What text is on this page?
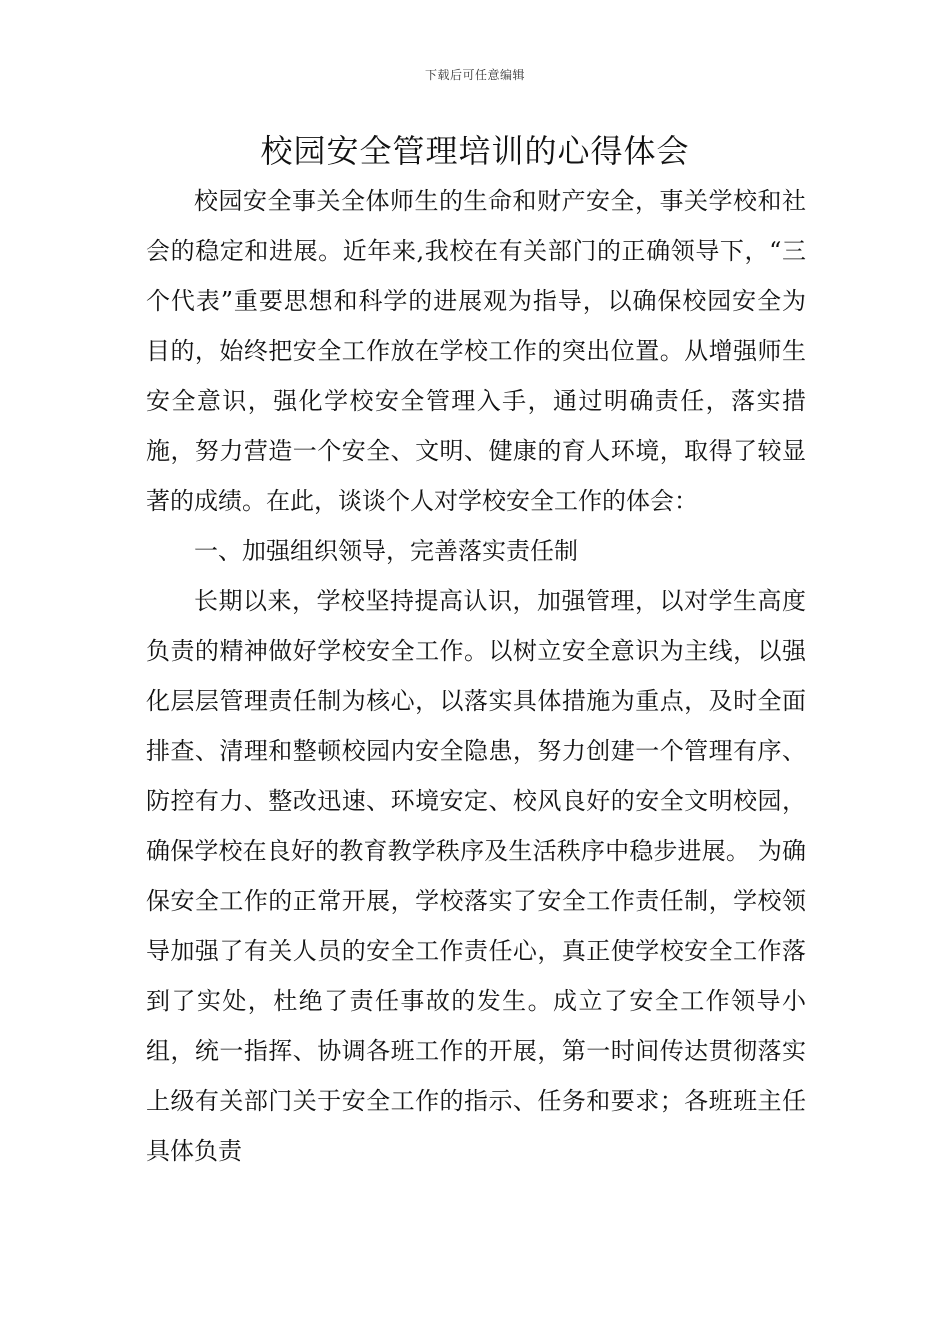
下载后可任意编辑
校园安全管理培训的心得体会

校园安全事关全体师生的生命和财产安全，事关学校和社会的稳定和进展。近年来,我校在有关部门的正确领导下，“三个代表”重要思想和科学的进展观为指导，以确保校园安全为目的，始终把安全工作放在学校工作的突出位置。从增强师生安全意识，强化学校安全管理入手，通过明确责任，落实措施，努力营造一个安全、文明、健康的育人环境，取得了较显著的成绩。在此，谈谈个人对学校安全工作的体会：

一、加强组织领导，完善落实责任制

长期以来，学校坚持提高认识，加强管理，以对学生高度负责的精神做好学校安全工作。以树立安全意识为主线，以强化层层管理责任制为核心，以落实具体措施为重点，及时全面排查、清理和整顿校园内安全隐患，努力创建一个管理有序、防控有力、整改迅速、环境安定、校风良好的安全文明校园，确保学校在良好的教育教学秩序及生活秩序中稳步进展。 为确保安全工作的正常开展，学校落实了安全工作责任制，学校领导加强了有关人员的安全工作责任心，真正使学校安全工作落到了实处，杜绝了责任事故的发生。成立了安全工作领导小组，统一指挥、协调各班工作的开展，第一时间传达贯彻落实上级有关部门关于安全工作的指示、任务和要求；各班班主任具体负责
